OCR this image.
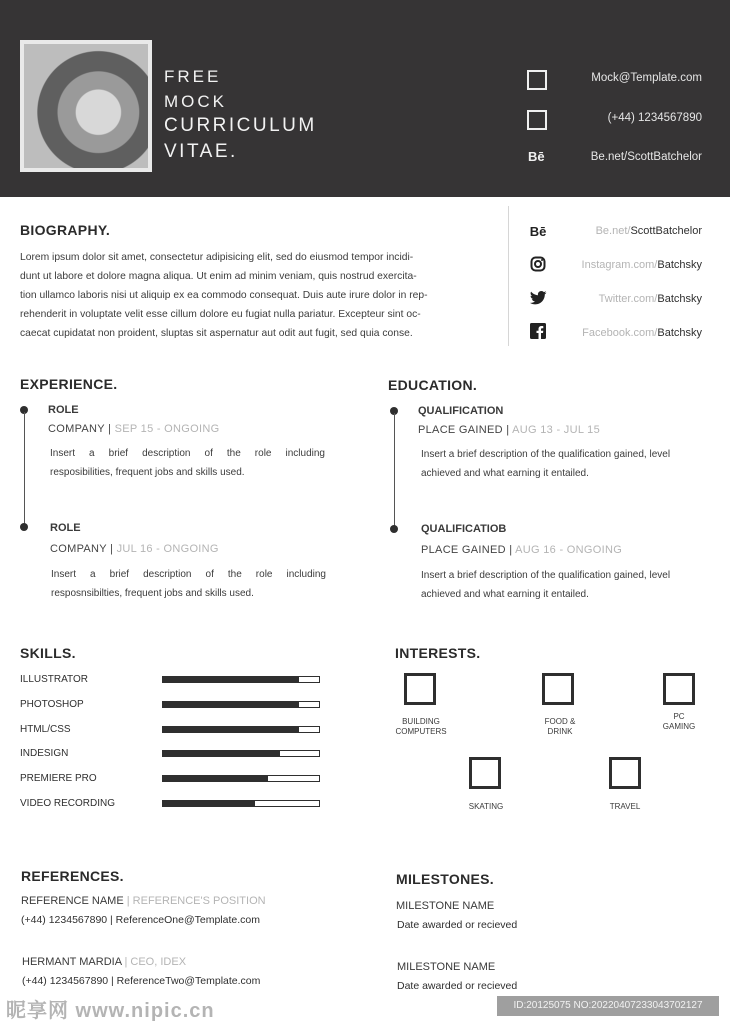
FREE
MOCK
CURRICULUM
VITAE.
Mock@Template.com
(+44) 1234567890
Bē	Be.net/ScottBatchelor
BIOGRAPHY.
Lorem ipsum dolor sit amet, consectetur adipisicing elit, sed do eiusmod tempor incidi-
dunt ut labore et dolore magna aliqua. Ut enim ad minim veniam, quis nostrud exercita-
tion ullamco laboris nisi ut aliquip ex ea commodo consequat. Duis aute irure dolor in rep-
rehenderit in voluptate velit esse cillum dolore eu fugiat nulla pariatur. Excepteur sint oc-
caecat cupidatat non proident, sluptas sit aspernatur aut odit aut fugit, sed quia conse.
Bē	Be.net/ScottBatchelor
Instagram.com/Batchsky
Twitter.com/Batchsky
Facebook.com/Batchsky
EXPERIENCE.
ROLE
COMPANY | SEP 15 - ONGOING
Insert a brief description of the role including
resposibilities, frequent jobs and skills used.
ROLE
COMPANY | JUL 16 - ONGOING
Insert a brief description of the role including
resposnsibilties, frequent jobs and skills used.
EDUCATION.
QUALIFICATION
PLACE GAINED | AUG 13 - JUL 15
Insert a brief description of the qualification gained, level
achieved and what earning it entailed.
QUALIFICATIOB
PLACE GAINED | AUG 16 - ONGOING
Insert a brief description of the qualification gained, level
achieved and what earning it entailed.
SKILLS.
ILLUSTRATOR
PHOTOSHOP
HTML/CSS
INDESIGN
PREMIERE PRO
VIDEO RECORDING
INTERESTS.
BUILDING
COMPUTERS
FOOD &
DRINK
PC
GAMING
SKATING	TRAVEL
REFERENCES.
REFERENCE NAME | REFERENCE'S POSITION
(+44) 1234567890 | ReferenceOne@Template.com
HERMANT MARDIA | CEO, IDEX
(+44) 1234567890 | ReferenceTwo@Template.com
MILESTONES.
MILESTONE NAME
Date awarded or recieved
MILESTONE NAME
Date awarded or recieved
昵享网 www.nipic.cn	ID:20125075 NO:20220407233043702127
